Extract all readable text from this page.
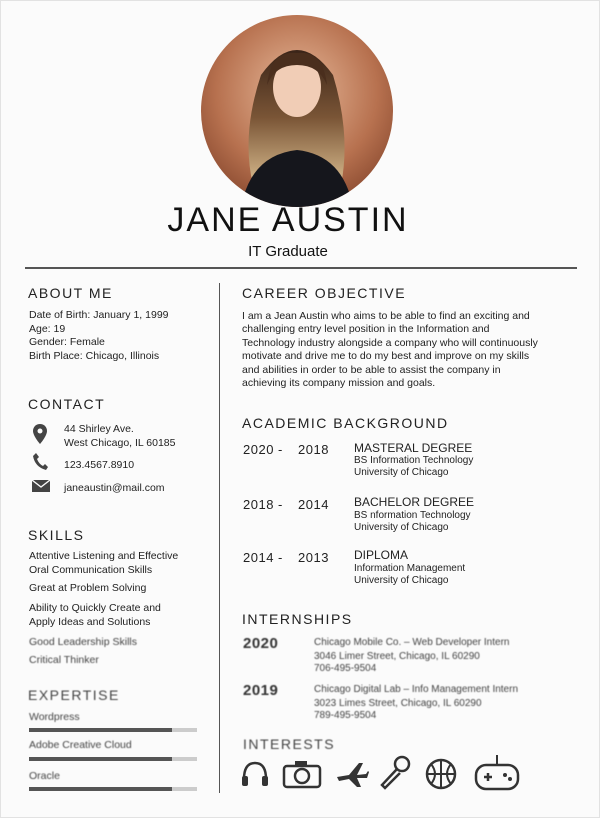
JANE AUSTIN
IT Graduate
ABOUT ME
Date of Birth: January 1, 1999
Age: 19
Gender: Female
Birth Place: Chicago, Illinois
CONTACT
44 Shirley Ave.
West Chicago, IL 60185
123.4567.8910
janeaustin@mail.com
SKILLS
Attentive Listening and Effective
Oral Communication Skills
Great at Problem Solving
Ability to Quickly Create and
Apply Ideas and Solutions
Good Leadership Skills
Critical Thinker
EXPERTISE
Wordpress
Adobe Creative Cloud
Oracle
CAREER OBJECTIVE
I am a Jean Austin who aims to be able to find an exciting and
challenging entry level position in the Information and
Technology industry alongside a company who will continuously
motivate and drive me to do my best and improve on my skills
and abilities in order to be able to assist the company in
achieving its company mission and goals.
ACADEMIC BACKGROUND
2020 - 2018 MASTERAL DEGREE
BS Information Technology
University of Chicago
2018 - 2014 BACHELOR DEGREE
BS nformation Technology
University of Chicago
2014 - 2013 DIPLOMA
Information Management
University of Chicago
INTERNSHIPS
2020	Chicago Mobile Co. – Web Developer Intern
3046 Limer Street, Chicago, IL 60290
706-495-9504
2019	Chicago Digital Lab – Info Management Intern
3023 Limes Street, Chicago, IL 60290
789-495-9504
INTERESTS
